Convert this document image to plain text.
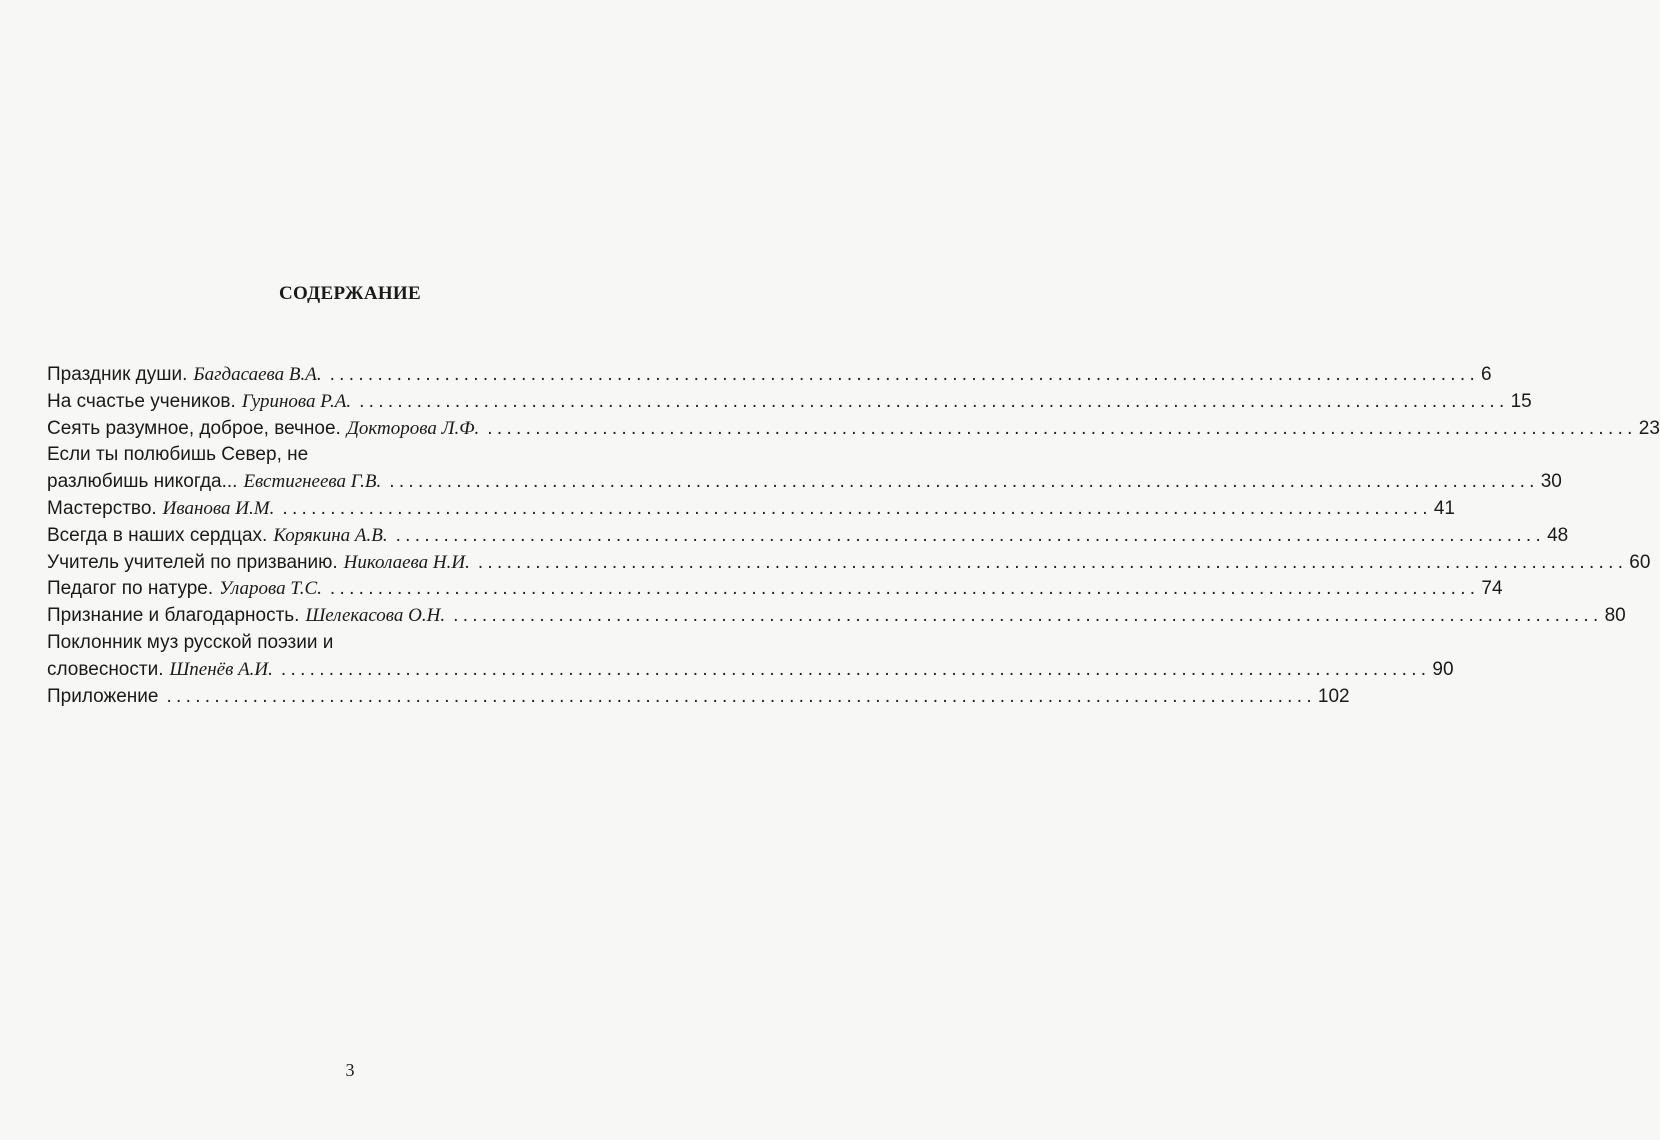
СОДЕРЖАНИЕ
Праздник души. Багдасаева В.А. ........................................................................................................................ 6
На счастье учеников. Гуринова Р.А. ........................................................................................................................ 15
Сеять разумное, доброе, вечное. Докторова Л.Ф. ........................................................................................................................ 23
Если ты полюбишь Север, не
разлюбишь никогда... Евстигнеева Г.В. ........................................................................................................................ 30
Мастерство. Иванова И.М. ........................................................................................................................ 41
Всегда в наших сердцах. Корякина А.В. ........................................................................................................................ 48
Учитель учителей по призванию. Николаева Н.И. ........................................................................................................................ 60
Педагог по натуре. Уларова Т.С. ........................................................................................................................ 74
Признание и благодарность. Шелекасова О.Н. ........................................................................................................................ 80
Поклонник муз русской поэзии и
словесности. Шпенёв А.И. ........................................................................................................................ 90
Приложение ........................................................................................................................ 102
3
